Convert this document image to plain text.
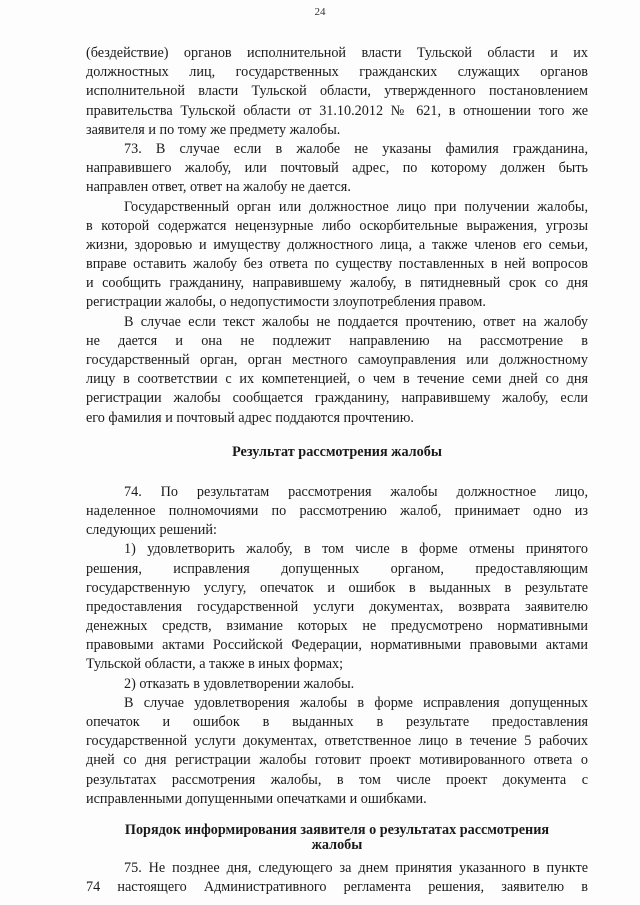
24
(бездействие) органов исполнительной власти Тульской области и их
должностных лиц, государственных гражданских служащих органов
исполнительной власти Тульской области, утвержденного постановлением
правительства Тульской области от 31.10.2012 № 621, в отношении того же
заявителя и по тому же предмету жалобы.
73. В случае если в жалобе не указаны фамилия гражданина,
направившего жалобу, или почтовый адрес, по которому должен быть
направлен ответ, ответ на жалобу не дается.
Государственный орган или должностное лицо при получении жалобы,
в которой содержатся нецензурные либо оскорбительные выражения, угрозы
жизни, здоровью и имуществу должностного лица, а также членов его семьи,
вправе оставить жалобу без ответа по существу поставленных в ней вопросов
и сообщить гражданину, направившему жалобу, в пятидневный срок со дня
регистрации жалобы, о недопустимости злоупотребления правом.
В случае если текст жалобы не поддается прочтению, ответ на жалобу
не дается и она не подлежит направлению на рассмотрение в
государственный орган, орган местного самоуправления или должностному
лицу в соответствии с их компетенцией, о чем в течение семи дней со дня
регистрации жалобы сообщается гражданину, направившему жалобу, если
его фамилия и почтовый адрес поддаются прочтению.
Результат рассмотрения жалобы
74. По результатам рассмотрения жалобы должностное лицо,
наделенное полномочиями по рассмотрению жалоб, принимает одно из
следующих решений:
1) удовлетворить жалобу, в том числе в форме отмены принятого
решения, исправления допущенных органом, предоставляющим
государственную услугу, опечаток и ошибок в выданных в результате
предоставления государственной услуги документах, возврата заявителю
денежных средств, взимание которых не предусмотрено нормативными
правовыми актами Российской Федерации, нормативными правовыми актами
Тульской области, а также в иных формах;
2) отказать в удовлетворении жалобы.
В случае удовлетворения жалобы в форме исправления допущенных
опечаток и ошибок в выданных в результате предоставления
государственной услуги документах, ответственное лицо в течение 5 рабочих
дней со дня регистрации жалобы готовит проект мотивированного ответа о
результатах рассмотрения жалобы, в том числе проект документа с
исправленными допущенными опечатками и ошибками.
Порядок информирования заявителя о результатах рассмотрения
жалобы
75. Не позднее дня, следующего за днем принятия указанного в пункте
74 настоящего Административного регламента решения, заявителю в
